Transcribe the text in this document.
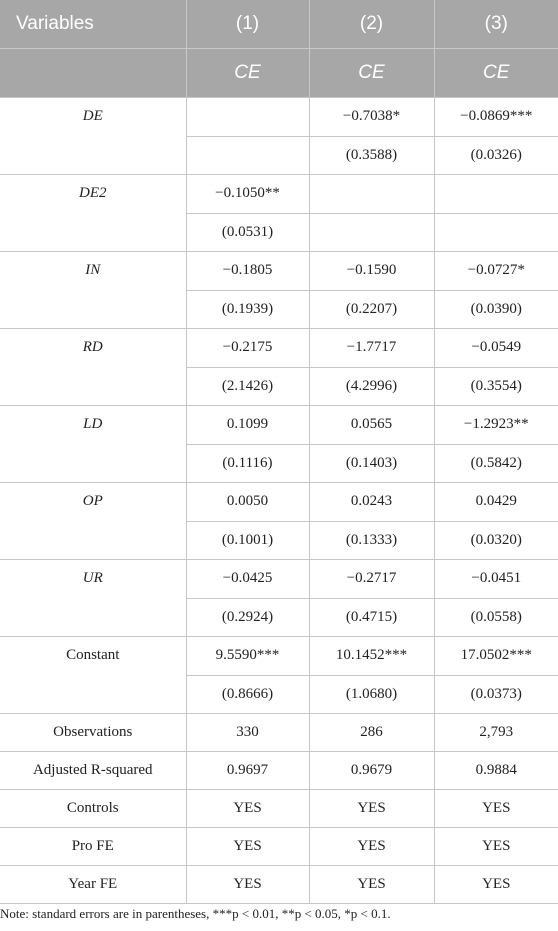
Variables	(1)	(2)	(3)
	CE	CE	CE
DE		−0.7038*	−0.0869***
		(0.3588)	(0.0326)
DE2	−0.1050**		
	(0.0531)		
IN	−0.1805	−0.1590	−0.0727*
	(0.1939)	(0.2207)	(0.0390)
RD	−0.2175	−1.7717	−0.0549
	(2.1426)	(4.2996)	(0.3554)
LD	0.1099	0.0565	−1.2923**
	(0.1116)	(0.1403)	(0.5842)
OP	0.0050	0.0243	0.0429
	(0.1001)	(0.1333)	(0.0320)
UR	−0.0425	−0.2717	−0.0451
	(0.2924)	(0.4715)	(0.0558)
Constant	9.5590***	10.1452***	17.0502***
	(0.8666)	(1.0680)	(0.0373)
Observations	330	286	2,793
Adjusted R-squared	0.9697	0.9679	0.9884
Controls	YES	YES	YES
Pro FE	YES	YES	YES
Year FE	YES	YES	YES
Note: standard errors are in parentheses, ***p < 0.01, **p < 0.05, *p < 0.1.
